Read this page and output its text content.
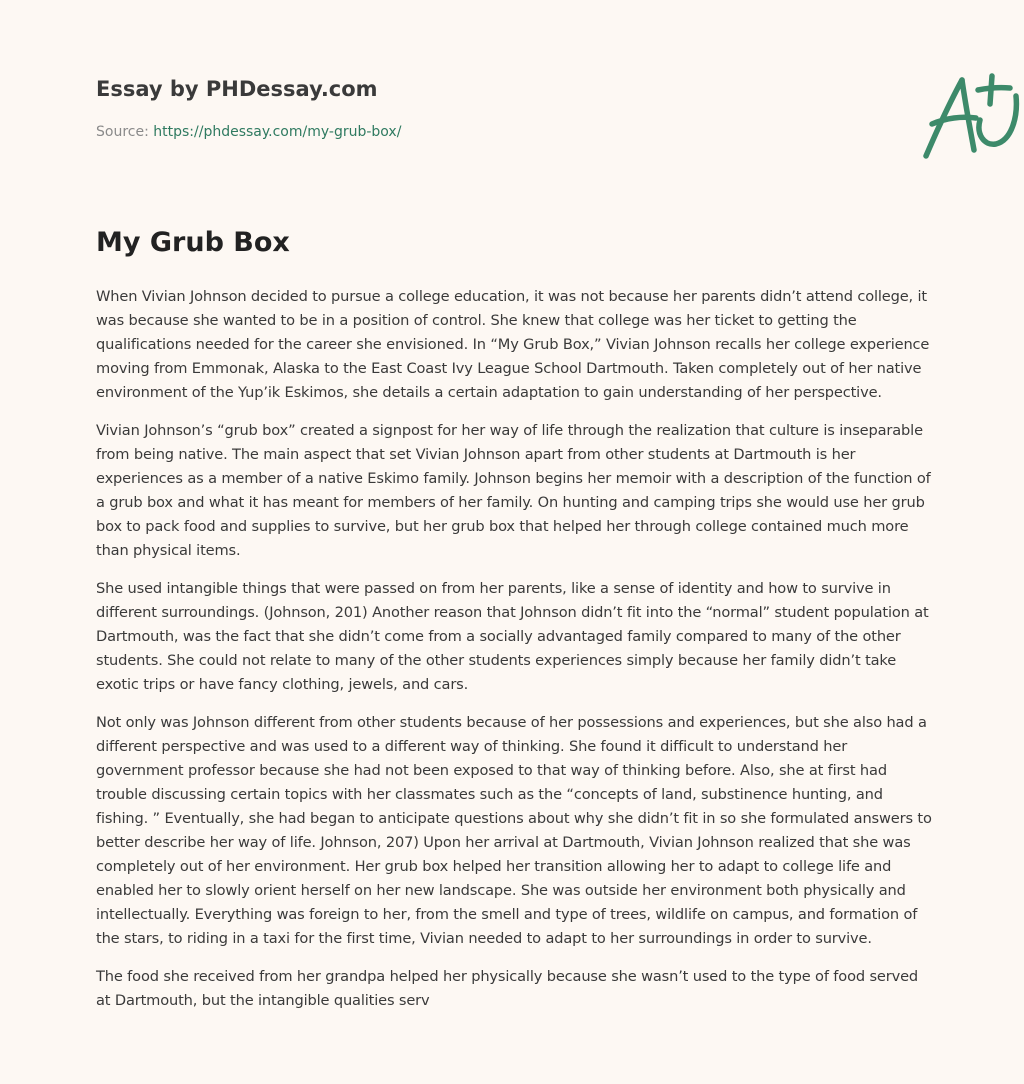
Essay by PHDessay.com
Source: https://phdessay.com/my-grub-box/
My Grub Box

When Vivian Johnson decided to pursue a college education, it was not because her parents didn’t attend college, it was because she wanted to be in a position of control. She knew that college was her ticket to getting the qualifications needed for the career she envisioned. In “My Grub Box,” Vivian Johnson recalls her college experience moving from Emmonak, Alaska to the East Coast Ivy League School Dartmouth. Taken completely out of her native environment of the Yup’ik Eskimos, she details a certain adaptation to gain understanding of her perspective.

Vivian Johnson’s “grub box” created a signpost for her way of life through the realization that culture is inseparable from being native. The main aspect that set Vivian Johnson apart from other students at Dartmouth is her experiences as a member of a native Eskimo family. Johnson begins her memoir with a description of the function of a grub box and what it has meant for members of her family. On hunting and camping trips she would use her grub box to pack food and supplies to survive, but her grub box that helped her through college contained much more than physical items.

She used intangible things that were passed on from her parents, like a sense of identity and how to survive in different surroundings. (Johnson, 201) Another reason that Johnson didn’t fit into the “normal” student population at Dartmouth, was the fact that she didn’t come from a socially advantaged family compared to many of the other students. She could not relate to many of the other students experiences simply because her family didn’t take exotic trips or have fancy clothing, jewels, and cars.

Not only was Johnson different from other students because of her possessions and experiences, but she also had a different perspective and was used to a different way of thinking. She found it difficult to understand her government professor because she had not been exposed to that way of thinking before. Also, she at first had trouble discussing certain topics with her classmates such as the “concepts of land, substinence hunting, and fishing. ” Eventually, she had began to anticipate questions about why she didn’t fit in so she formulated answers to better describe her way of life. Johnson, 207) Upon her arrival at Dartmouth, Vivian Johnson realized that she was completely out of her environment. Her grub box helped her transition allowing her to adapt to college life and enabled her to slowly orient herself on her new landscape. She was outside her environment both physically and intellectually. Everything was foreign to her, from the smell and type of trees, wildlife on campus, and formation of the stars, to riding in a taxi for the first time, Vivian needed to adapt to her surroundings in order to survive.

The food she received from her grandpa helped her physically because she wasn’t used to the type of food served at Dartmouth, but the intangible qualities serv
